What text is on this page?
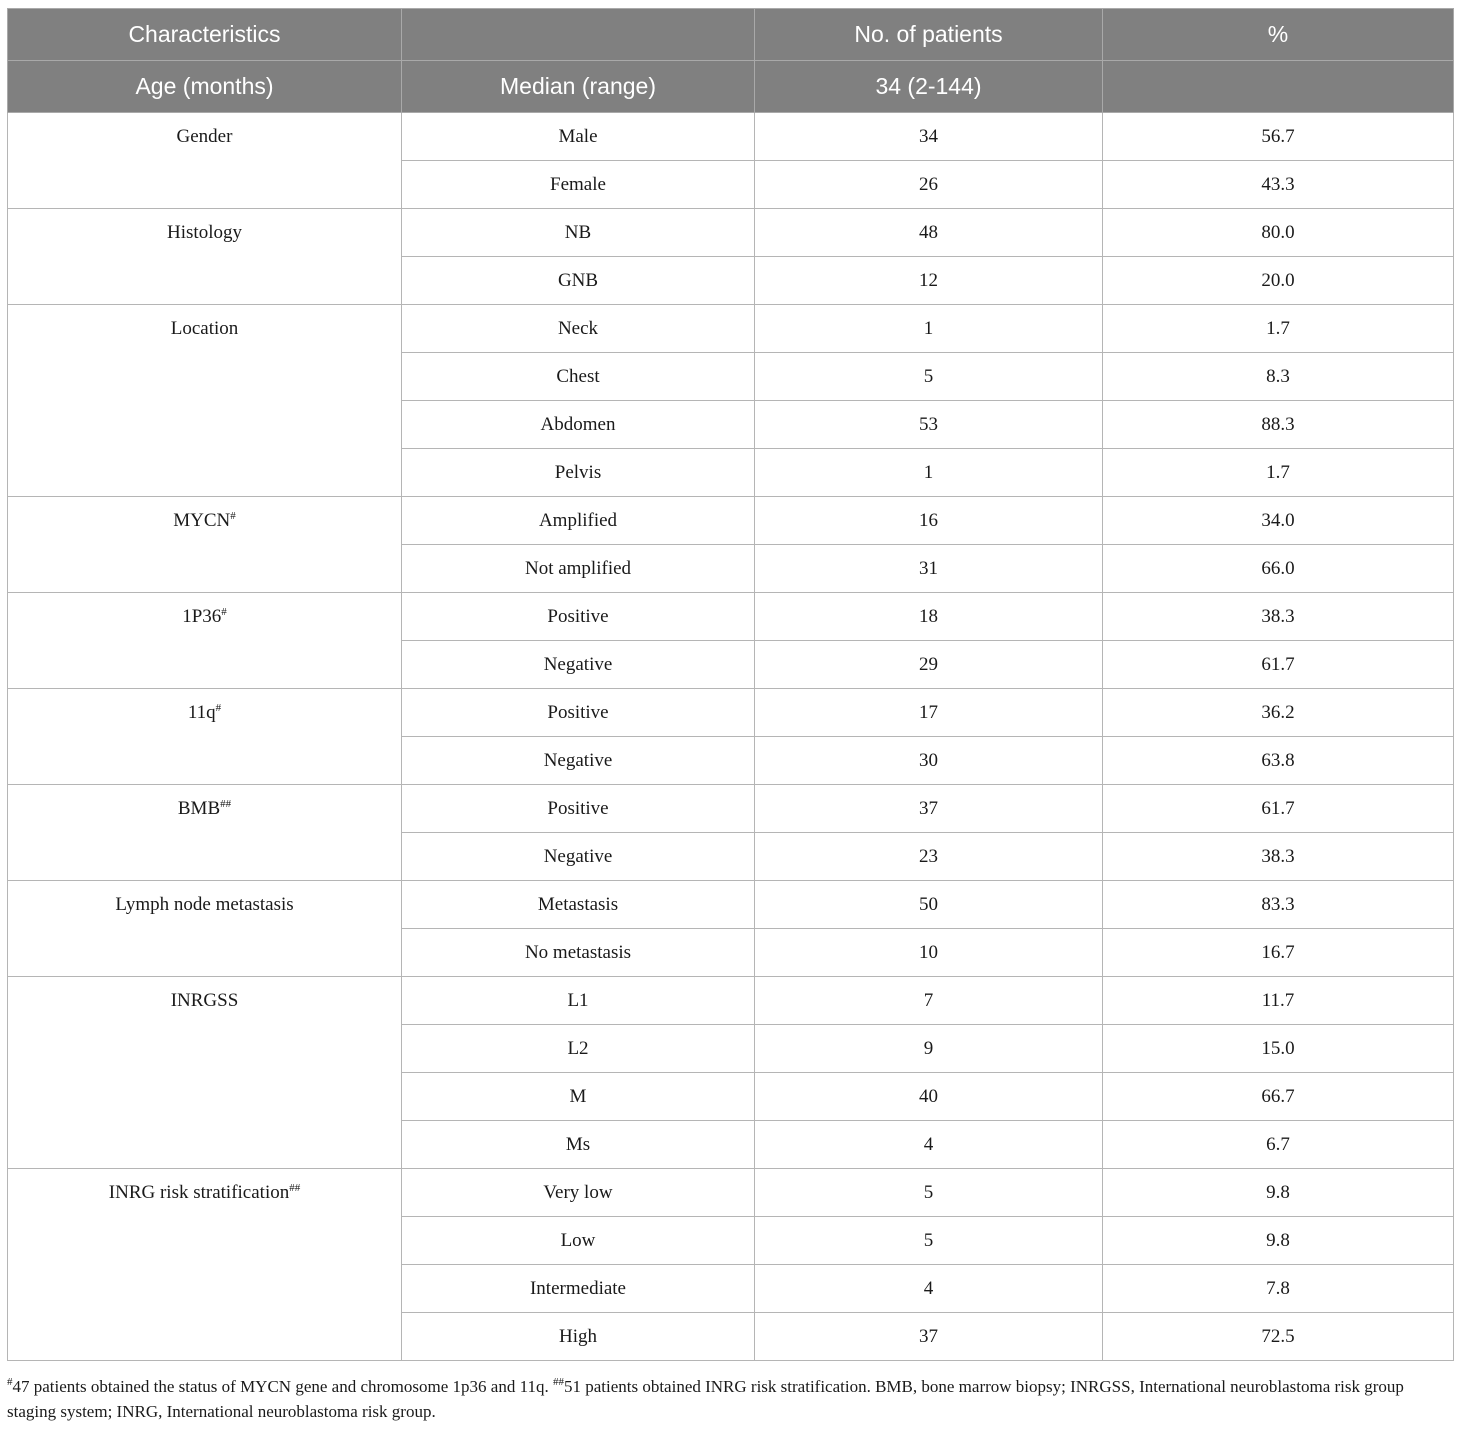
Characteristics		No. of patients	%
Age (months)	Median (range)	34 (2-144)	
Gender	Male	34	56.7
	Female	26	43.3
Histology	NB	48	80.0
	GNB	12	20.0
Location	Neck	1	1.7
	Chest	5	8.3
	Abdomen	53	88.3
	Pelvis	1	1.7
MYCN#	Amplified	16	34.0
	Not amplified	31	66.0
1P36#	Positive	18	38.3
	Negative	29	61.7
11q#	Positive	17	36.2
	Negative	30	63.8
BMB##	Positive	37	61.7
	Negative	23	38.3
Lymph node metastasis	Metastasis	50	83.3
	No metastasis	10	16.7
INRGSS	L1	7	11.7
	L2	9	15.0
	M	40	66.7
	Ms	4	6.7
INRG risk stratification##	Very low	5	9.8
	Low	5	9.8
	Intermediate	4	7.8
	High	37	72.5
#47 patients obtained the status of MYCN gene and chromosome 1p36 and 11q. ##51 patients obtained INRG risk stratification. BMB, bone marrow biopsy; INRGSS, International neuroblastoma risk group staging system; INRG, International neuroblastoma risk group.
